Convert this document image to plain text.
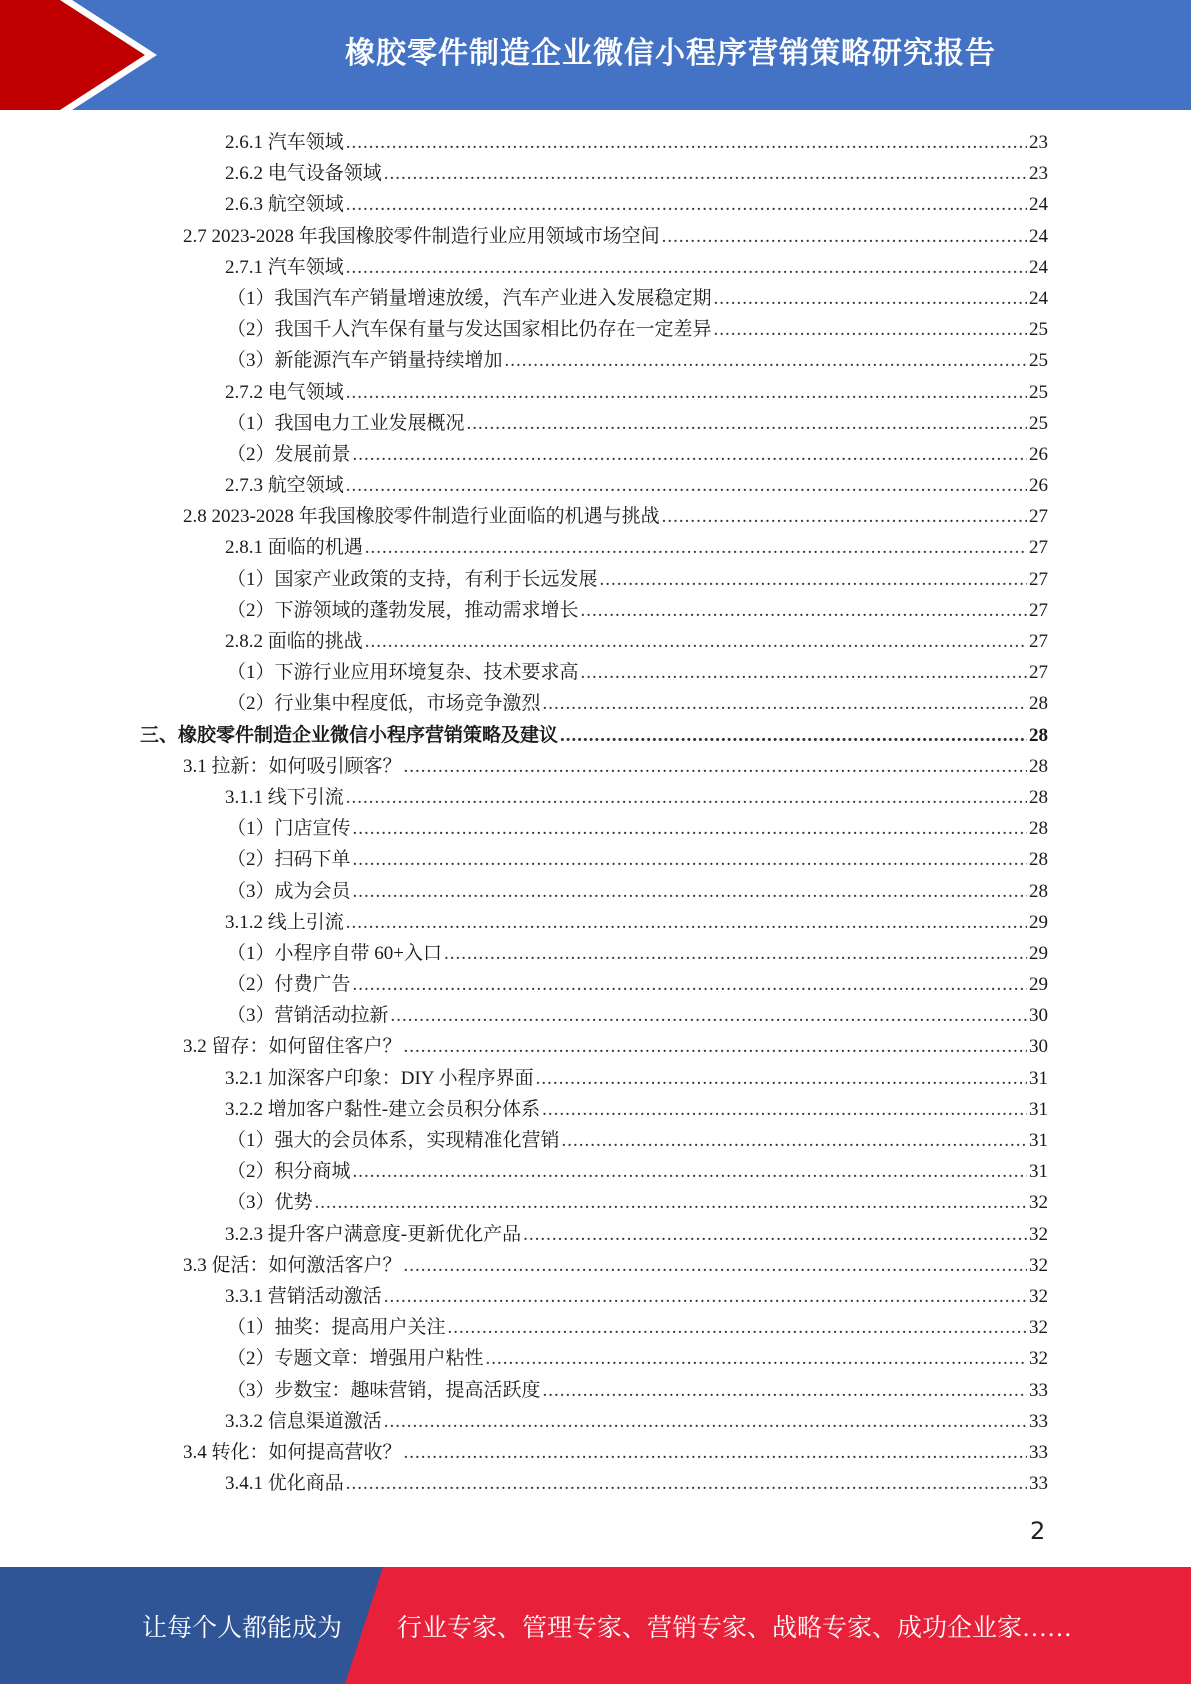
橡胶零件制造企业微信小程序营销策略研究报告
2.6.1 汽车领域 .....	23
2.6.2 电气设备领域 .....	23
2.6.3 航空领域 .....	24
2.7 2023-2028 年我国橡胶零件制造行业应用领域市场空间 .....	24
2.7.1 汽车领域 .....	24
（1）我国汽车产销量增速放缓，汽车产业进入发展稳定期 .....	24
（2）我国千人汽车保有量与发达国家相比仍存在一定差异 .....	25
（3）新能源汽车产销量持续增加 .....	25
2.7.2 电气领域 .....	25
（1）我国电力工业发展概况 .....	25
（2）发展前景 .....	26
2.7.3 航空领域 .....	26
2.8 2023-2028 年我国橡胶零件制造行业面临的机遇与挑战 .....	27
2.8.1 面临的机遇 .....	27
（1）国家产业政策的支持，有利于长远发展 .....	27
（2）下游领域的蓬勃发展，推动需求增长 .....	27
2.8.2 面临的挑战 .....	27
（1）下游行业应用环境复杂、技术要求高 .....	27
（2）行业集中程度低，市场竞争激烈 .....	28
三、橡胶零件制造企业微信小程序营销策略及建议 .....	28
3.1 拉新：如何吸引顾客？ .....	28
3.1.1 线下引流 .....	28
（1）门店宣传 .....	28
（2）扫码下单 .....	28
（3）成为会员 .....	28
3.1.2 线上引流 .....	29
（1）小程序自带 60+入口 .....	29
（2）付费广告 .....	29
（3）营销活动拉新 .....	30
3.2 留存：如何留住客户？ .....	30
3.2.1 加深客户印象：DIY 小程序界面 .....	31
3.2.2 增加客户黏性-建立会员积分体系 .....	31
（1）强大的会员体系，实现精准化营销 .....	31
（2）积分商城 .....	31
（3）优势 .....	32
3.2.3 提升客户满意度-更新优化产品 .....	32
3.3 促活：如何激活客户？ .....	32
3.3.1 营销活动激活 .....	32
（1）抽奖：提高用户关注 .....	32
（2）专题文章：增强用户粘性 .....	32
（3）步数宝：趣味营销，提高活跃度 .....	33
3.3.2 信息渠道激活 .....	33
3.4 转化：如何提高营收？ .....	33
3.4.1 优化商品 .....	33
2
让每个人都能成为 行业专家、管理专家、营销专家、战略专家、成功企业家……
